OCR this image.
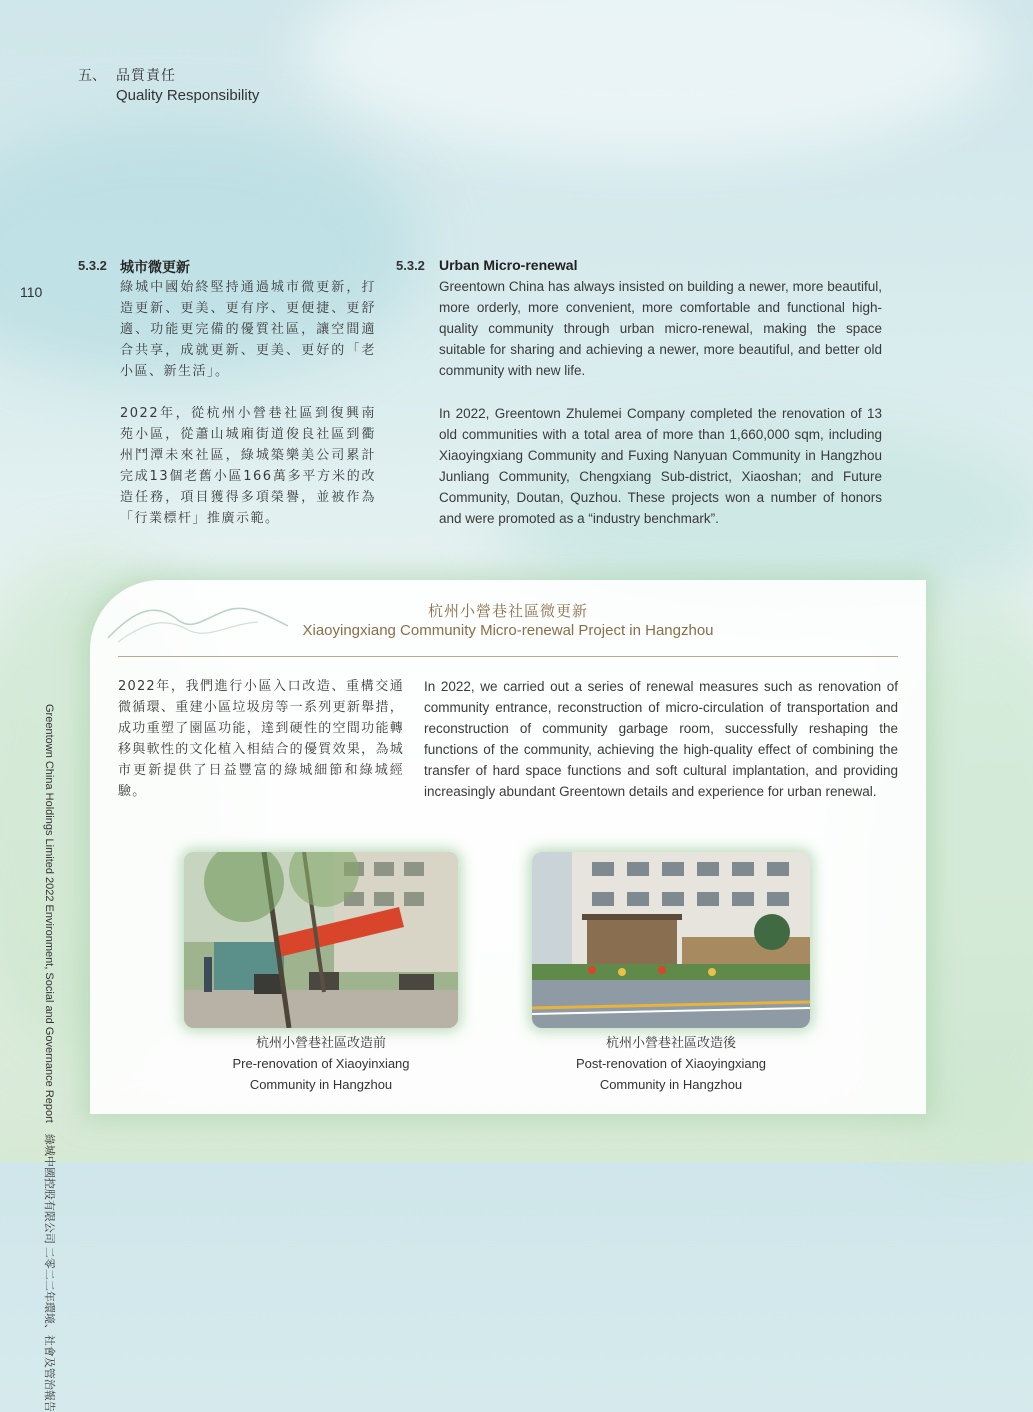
五、 品質責任
Quality Responsibility
110
Greentown China Holdings Limited 2022 Environment, Social and Governance Report　綠城中國控股有限公司 二零二二年環境、社會及管治報告
5.3.2 城市微更新
綠城中國始終堅持通過城市微更新，打造更新、更美、更有序、更便捷、更舒適、功能更完備的優質社區，讓空間適合共享，成就更新、更美、更好的「老小區、新生活」。
2022年，從杭州小營巷社區到復興南苑小區，從蕭山城廂街道俊良社區到衢州鬥潭未來社區，綠城築樂美公司累計完成13個老舊小區166萬多平方米的改造任務，項目獲得多項榮譽，並被作為「行業標杆」推廣示範。
5.3.2 Urban Micro-renewal
Greentown China has always insisted on building a newer, more beautiful, more orderly, more convenient, more comfortable and functional high-quality community through urban micro-renewal, making the space suitable for sharing and achieving a newer, more beautiful, and better old community with new life.
In 2022, Greentown Zhulemei Company completed the renovation of 13 old communities with a total area of more than 1,660,000 sqm, including Xiaoyingxiang Community and Fuxing Nanyuan Community in Hangzhou Junliang Community, Chengxiang Sub-district, Xiaoshan; and Future Community, Doutan, Quzhou. These projects won a number of honors and were promoted as a “industry benchmark”.
杭州小營巷社區微更新
Xiaoyingxiang Community Micro-renewal Project in Hangzhou
2022年，我們進行小區入口改造、重構交通微循環、重建小區垃圾房等一系列更新舉措，成功重塑了園區功能，達到硬性的空間功能轉移與軟性的文化植入相結合的優質效果，為城市更新提供了日益豐富的綠城細節和綠城經驗。
In 2022, we carried out a series of renewal measures such as renovation of community entrance, reconstruction of micro-circulation of transportation and reconstruction of community garbage room, successfully reshaping the functions of the community, achieving the high-quality effect of combining the transfer of hard space functions and soft cultural implantation, and providing increasingly abundant Greentown details and experience for urban renewal.
杭州小營巷社區改造前
Pre-renovation of Xiaoyinxiang
Community in Hangzhou
杭州小營巷社區改造後
Post-renovation of Xiaoyingxiang
Community in Hangzhou
